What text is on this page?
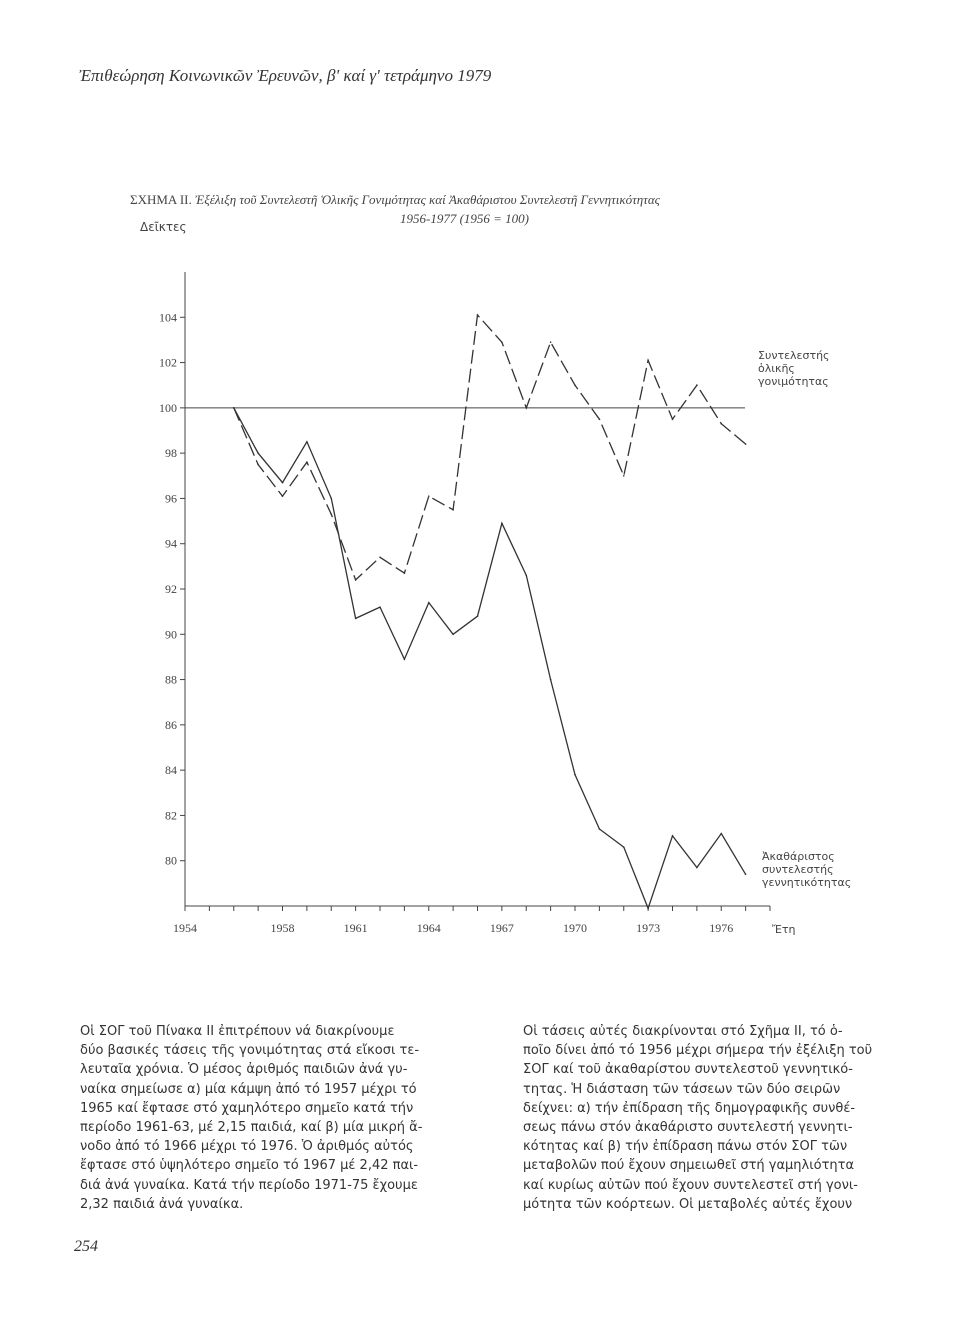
Ἐπιθεώρηση Κοινωνικῶν Ἐρευνῶν, β' καί γ' τετράμηνο 1979
ΣΧΗΜΑ ΙΙ. Ἐξέλιξη τοῦ Συντελεστῆ Ὁλικῆς Γονιμότητας καί Ἀκαθάριστου Συντελεστῆ Γεννητικότητας
1956-1977 (1956 = 100)
Δεῖκτες
80
82
84
86
88
90
92
94
96
98
100
102
104
1954	1958	1961	1964	1967	1970	1973	1976	Ἔτη
Συντελεστής
ὁλικῆς
γονιμότητας
Ἀκαθάριστος
συντελεστής
γεννητικότητας
Οἱ ΣΟΓ τοῦ Πίνακα ΙΙ ἐπιτρέπουν νά διακρίνουμε
δύο βασικές τάσεις τῆς γονιμότητας στά εἴκοσι τε-
λευταῖα χρόνια. Ὁ μέσος ἀριθμός παιδιῶν ἀνά γυ-
ναίκα σημείωσε α) μία κάμψη ἀπό τό 1957 μέχρι τό
1965 καί ἔφτασε στό χαμηλότερο σημεῖο κατά τήν
περίοδο 1961-63, μέ 2,15 παιδιά, καί β) μία μικρή ἄ-
νοδο ἀπό τό 1966 μέχρι τό 1976. Ὁ ἀριθμός αὐτός
ἔφτασε στό ὑψηλότερο σημεῖο τό 1967 μέ 2,42 παι-
διά ἀνά γυναίκα. Κατά τήν περίοδο 1971-75 ἔχουμε
2,32 παιδιά ἀνά γυναίκα.
Οἱ τάσεις αὐτές διακρίνονται στό Σχῆμα ΙΙ, τό ὁ-
ποῖο δίνει ἀπό τό 1956 μέχρι σήμερα τήν ἐξέλιξη τοῦ
ΣΟΓ καί τοῦ ἀκαθαρίστου συντελεστοῦ γεννητικό-
τητας. Ἡ διάσταση τῶν τάσεων τῶν δύο σειρῶν
δείχνει: α) τήν ἐπίδραση τῆς δημογραφικῆς συνθέ-
σεως πάνω στόν ἀκαθάριστο συντελεστή γεννητι-
κότητας καί β) τήν ἐπίδραση πάνω στόν ΣΟΓ τῶν
μεταβολῶν πού ἔχουν σημειωθεῖ στή γαμηλιότητα
καί κυρίως αὐτῶν πού ἔχουν συντελεστεῖ στή γονι-
μότητα τῶν κοόρτεων. Οἱ μεταβολές αὐτές ἔχουν
254
